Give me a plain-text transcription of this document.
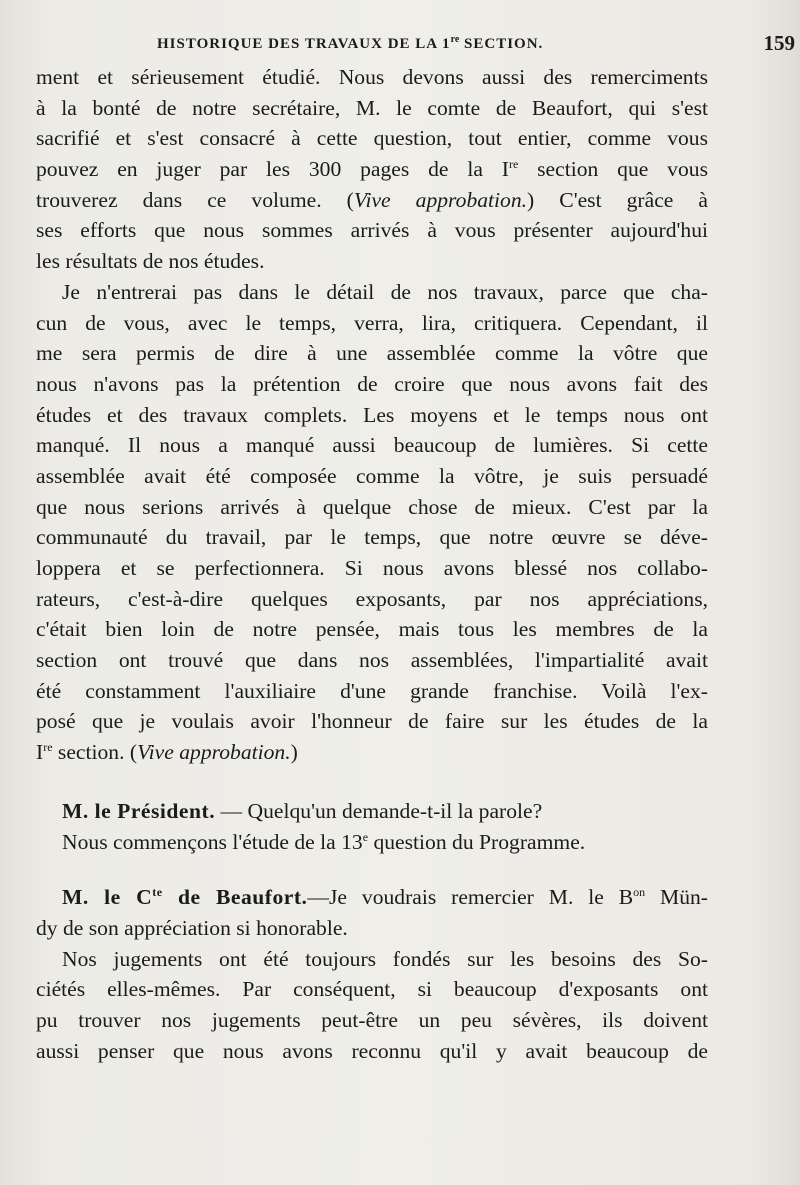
HISTORIQUE DES TRAVAUX DE LA 1re SECTION.	159
ment et sérieusement étudié. Nous devons aussi des remerciments
à la bonté de notre secrétaire, M. le comte de Beaufort, qui s'est
sacrifié et s'est consacré à cette question, tout entier, comme vous
pouvez en juger par les 300 pages de la Ire section que vous
trouverez dans ce volume. (Vive approbation.) C'est grâce à
ses efforts que nous sommes arrivés à vous présenter aujourd'hui
les résultats de nos études.
Je n'entrerai pas dans le détail de nos travaux, parce que cha-
cun de vous, avec le temps, verra, lira, critiquera. Cependant, il
me sera permis de dire à une assemblée comme la vôtre que
nous n'avons pas la prétention de croire que nous avons fait des
études et des travaux complets. Les moyens et le temps nous ont
manqué. Il nous a manqué aussi beaucoup de lumières. Si cette
assemblée avait été composée comme la vôtre, je suis persuadé
que nous serions arrivés à quelque chose de mieux. C'est par la
communauté du travail, par le temps, que notre œuvre se déve-
loppera et se perfectionnera. Si nous avons blessé nos collabo-
rateurs, c'est-à-dire quelques exposants, par nos appréciations,
c'était bien loin de notre pensée, mais tous les membres de la
section ont trouvé que dans nos assemblées, l'impartialité avait
été constamment l'auxiliaire d'une grande franchise. Voilà l'ex-
posé que je voulais avoir l'honneur de faire sur les études de la
Ire section. (Vive approbation.)
M. le Président. — Quelqu'un demande-t-il la parole?
Nous commençons l'étude de la 13e question du Programme.
M. le $C^{te}$ de Beaufort.—Je voudrais remercier M. le $B^{on}$ Mün-
dy de son appréciation si honorable.
Nos jugements ont été toujours fondés sur les besoins des So-
ciétés elles-mêmes. Par conséquent, si beaucoup d'exposants ont
pu trouver nos jugements peut-être un peu sévères, ils doivent
aussi penser que nous avons reconnu qu'il y avait beaucoup de
